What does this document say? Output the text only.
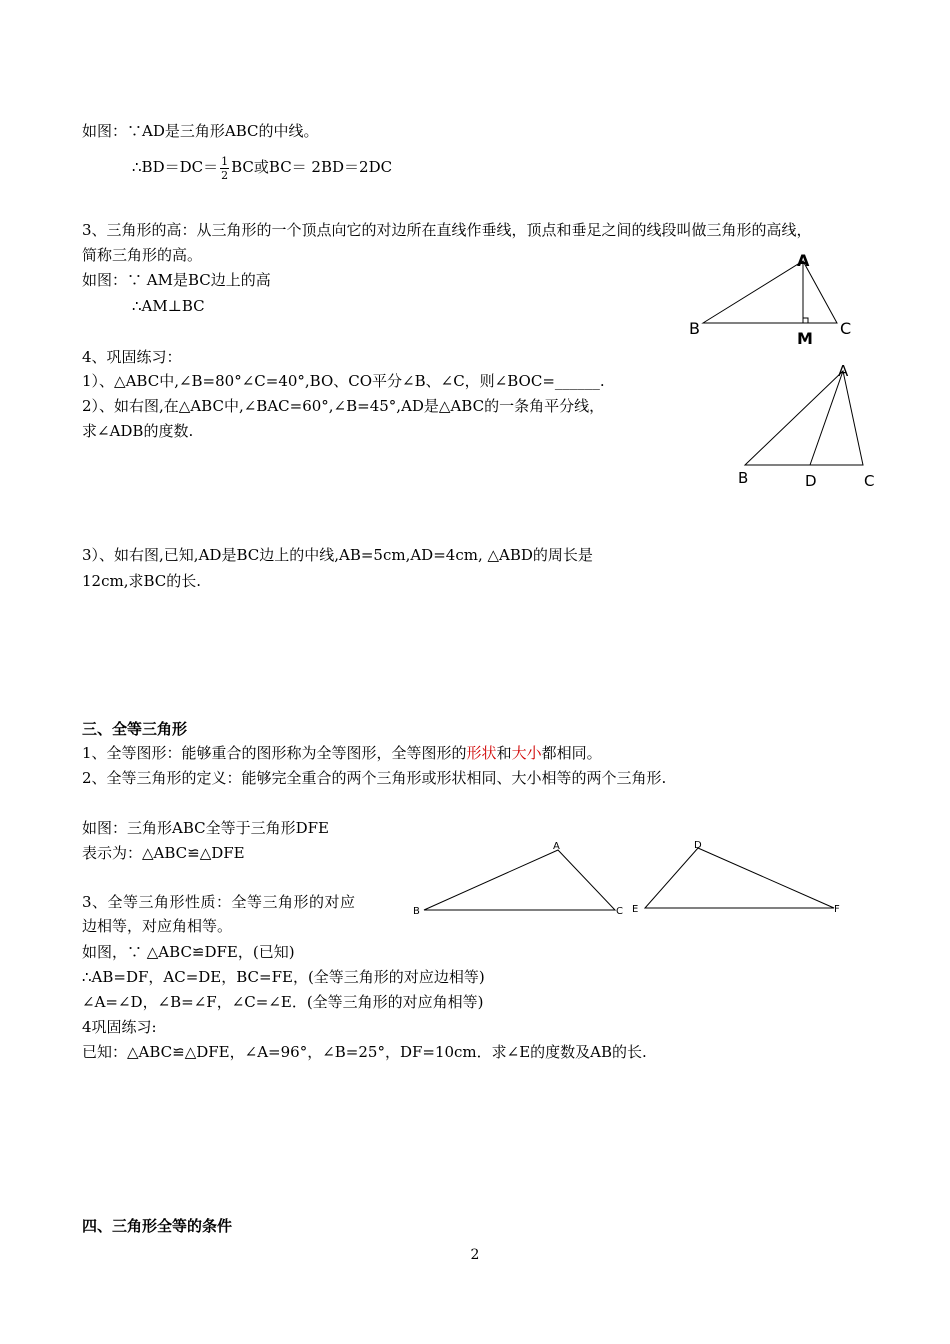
如图：∵AD是三角形ABC的中线。
∴BD＝DC＝ $\frac{1}{2}$ BC或BC＝ 2BD＝2DC
3、三角形的高：从三角形的一个顶点向它的对边所在直线作垂线，顶点和垂足之间的线段叫做三角形的高线，
简称三角形的高。
如图：∵ AM是BC边上的高
∴AM⊥BC
A
B	C
M
4、巩固练习：
1）、△ABC中,∠B=80°∠C=40°,BO、CO平分∠B、∠C，则∠BOC=______.
2）、如右图,在△ABC中,∠BAC=60°,∠B=45°,AD是△ABC的一条角平分线，
求∠ADB的度数.
A
B	D	C
3）、如右图,已知,AD是BC边上的中线,AB=5cm,AD=4cm, △ABD的周长是
12cm,求BC的长.
三、全等三角形
1、全等图形：能够重合的图形称为全等图形，全等图形的形状和大小都相同。
2、全等三角形的定义：能够完全重合的两个三角形或形状相同、大小相等的两个三角形.
如图：三角形ABC全等于三角形DFE
表示为：△ABC≌△DFE	A
B	C
D
E	F
3、全等三角形性质：全等三角形的对应
边相等，对应角相等。
如图，∵ △ABC≌DFE，(已知)
∴AB=DF，AC=DE，BC=FE，(全等三角形的对应边相等)
∠A=∠D，∠B=∠F，∠C=∠E．(全等三角形的对应角相等)
4巩固练习:
已知：△ABC≌△DFE，∠A=96°，∠B=25°，DF=10cm．求∠E的度数及AB的长.
四、三角形全等的条件
2
